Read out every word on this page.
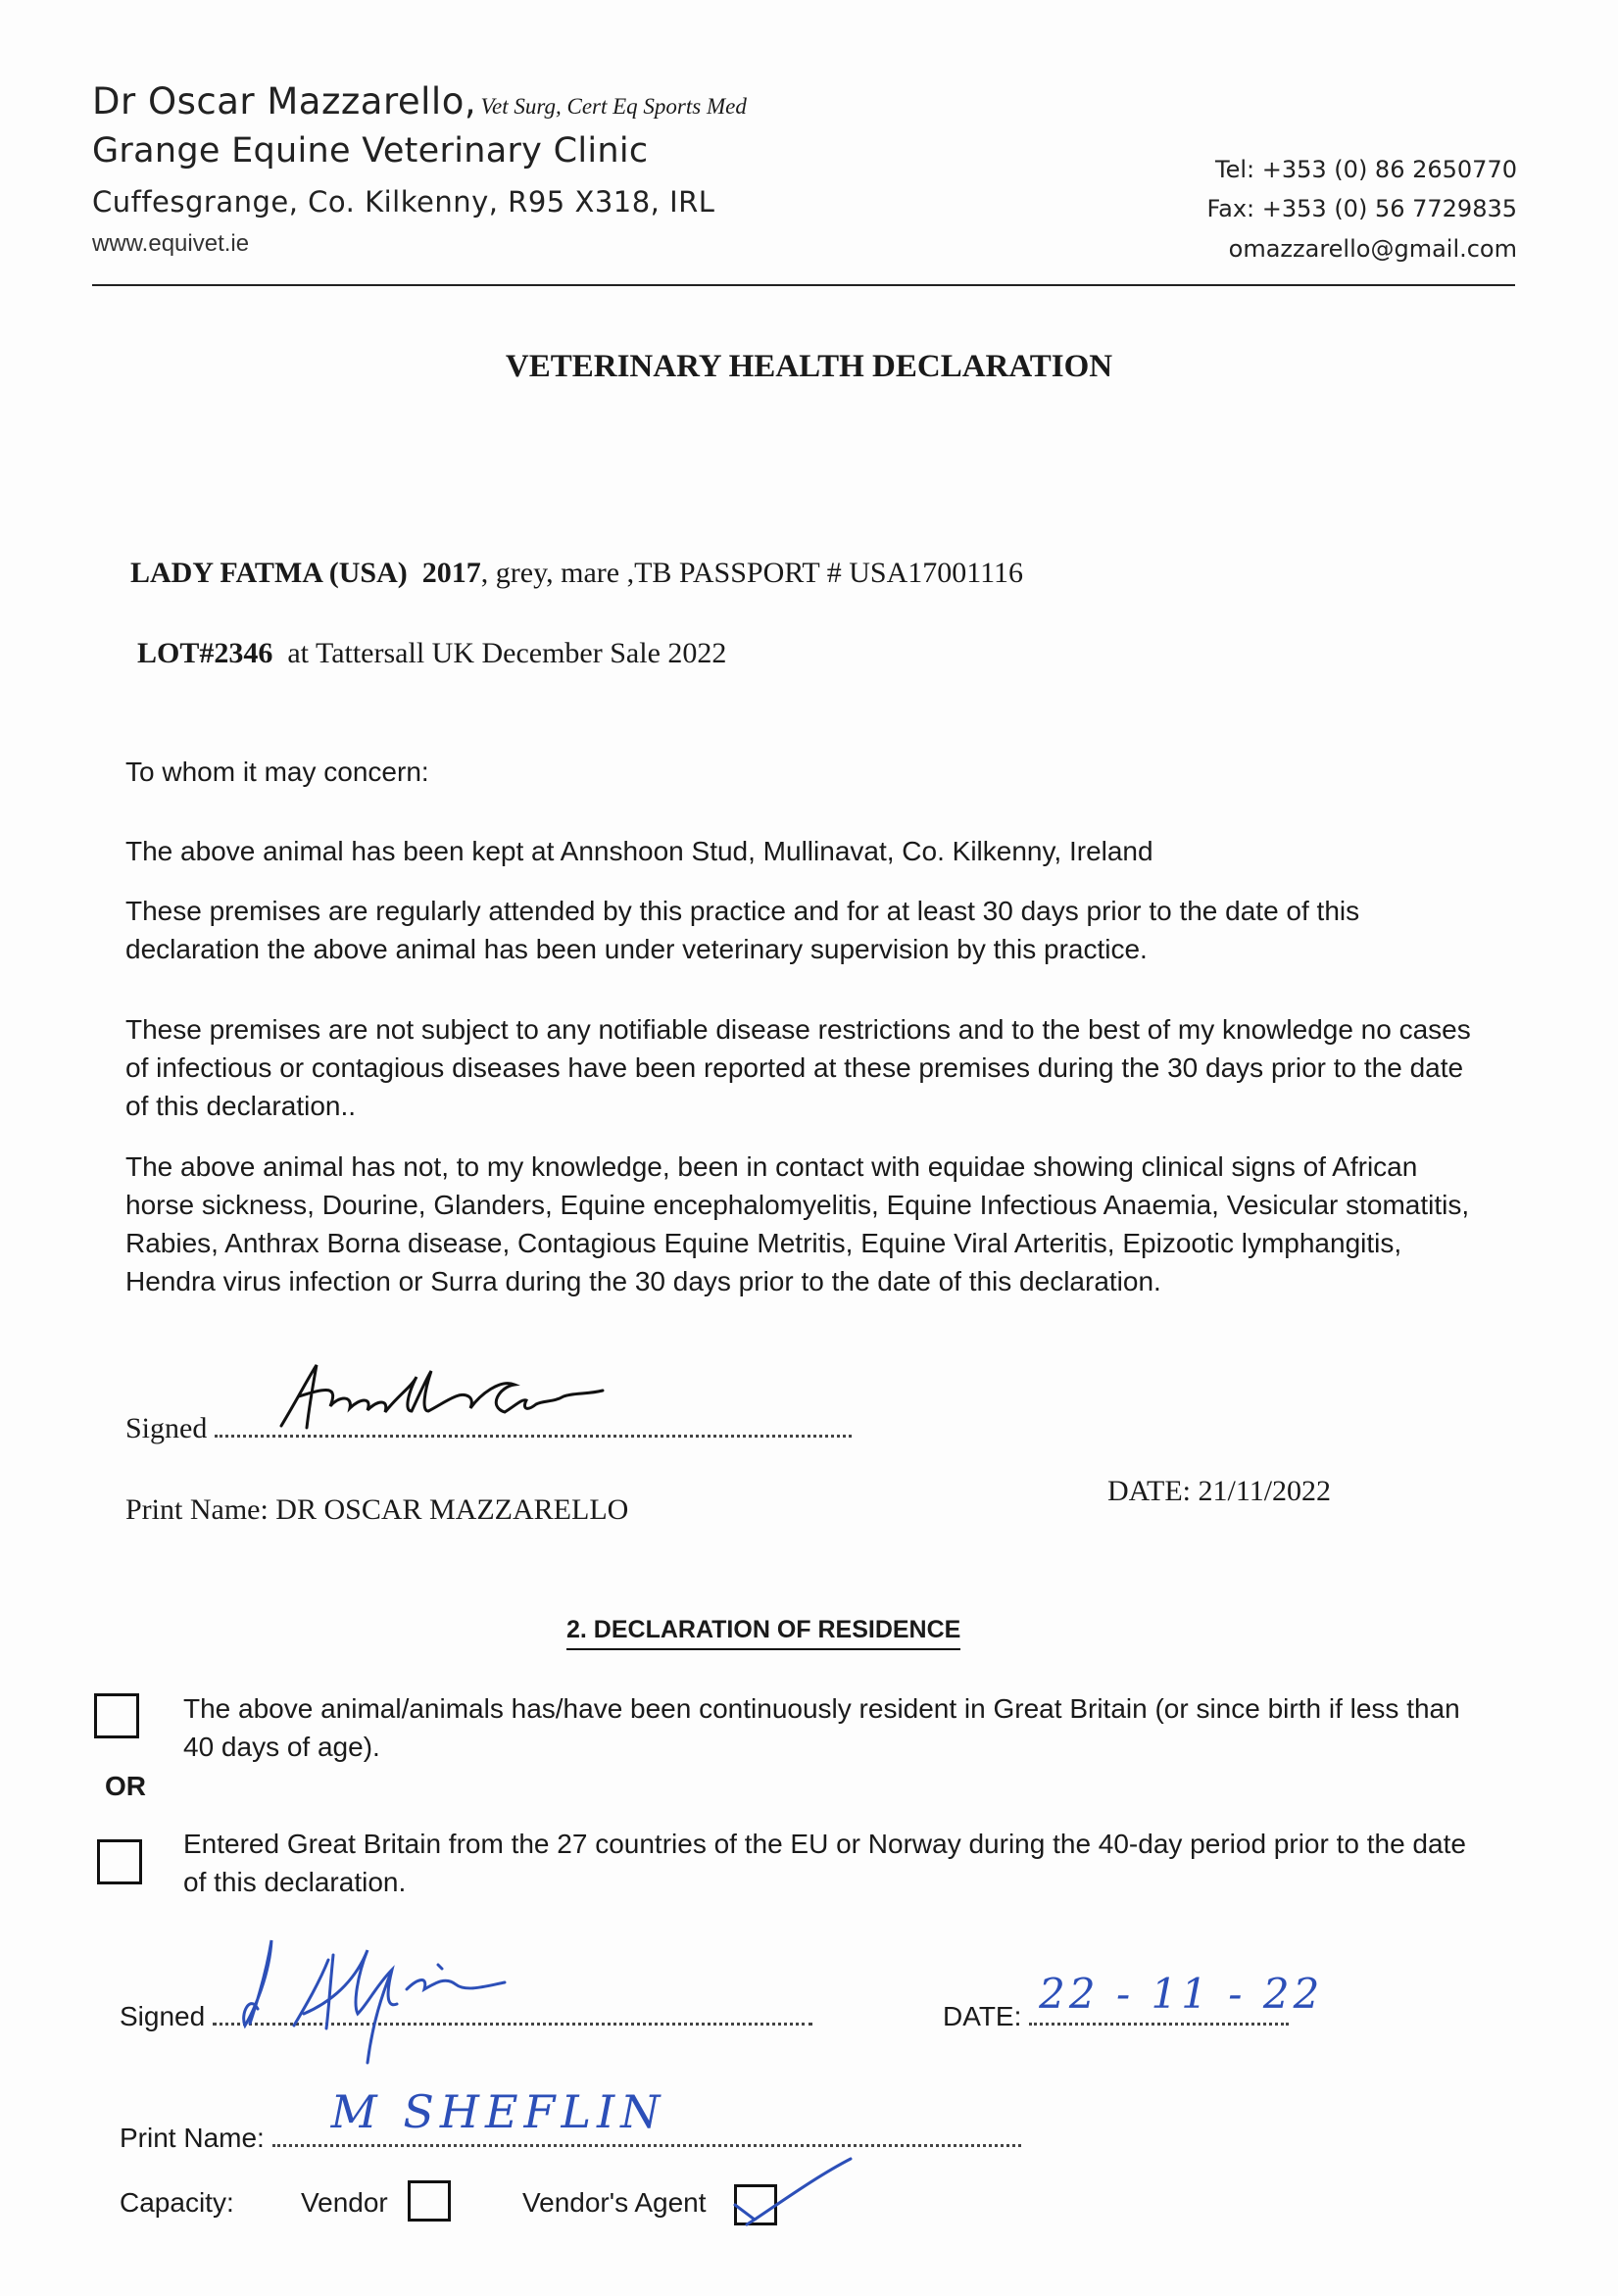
Dr Oscar Mazzarello, Vet Surg, Cert Eq Sports Med
Grange Equine Veterinary Clinic
Cuffesgrange, Co. Kilkenny, R95 X318, IRL
www.equivet.ie
Tel: +353 (0) 86 2650770
Fax: +353 (0) 56 7729835
omazzarello@gmail.com
VETERINARY HEALTH DECLARATION
LADY FATMA (USA) 2017, grey, mare ,TB PASSPORT # USA17001116
LOT#2346 at Tattersall UK December Sale 2022
To whom it may concern:
The above animal has been kept at Annshoon Stud, Mullinavat, Co. Kilkenny, Ireland
These premises are regularly attended by this practice and for at least 30 days prior to the date of this declaration the above animal has been under veterinary supervision by this practice.
These premises are not subject to any notifiable disease restrictions and to the best of my knowledge no cases of infectious or contagious diseases have been reported at these premises during the 30 days prior to the date of this declaration..
The above animal has not, to my knowledge, been in contact with equidae showing clinical signs of African horse sickness, Dourine, Glanders, Equine encephalomyelitis, Equine Infectious Anaemia, Vesicular stomatitis, Rabies, Anthrax Borna disease, Contagious Equine Metritis, Equine Viral Arteritis, Epizootic lymphangitis, Hendra virus infection or Surra during the 30 days prior to the date of this declaration.
Signed
Print Name: DR OSCAR MAZZARELLO
DATE: 21/11/2022
2. DECLARATION OF RESIDENCE
The above animal/animals has/have been continuously resident in Great Britain (or since birth if less than 40 days of age).
OR
Entered Great Britain from the 27 countries of the EU or Norway during the 40-day period prior to the date of this declaration.
Signed	DATE: 22 - 11 - 22
Print Name: M SHEFLIN
Capacity: Vendor	Vendor's Agent
